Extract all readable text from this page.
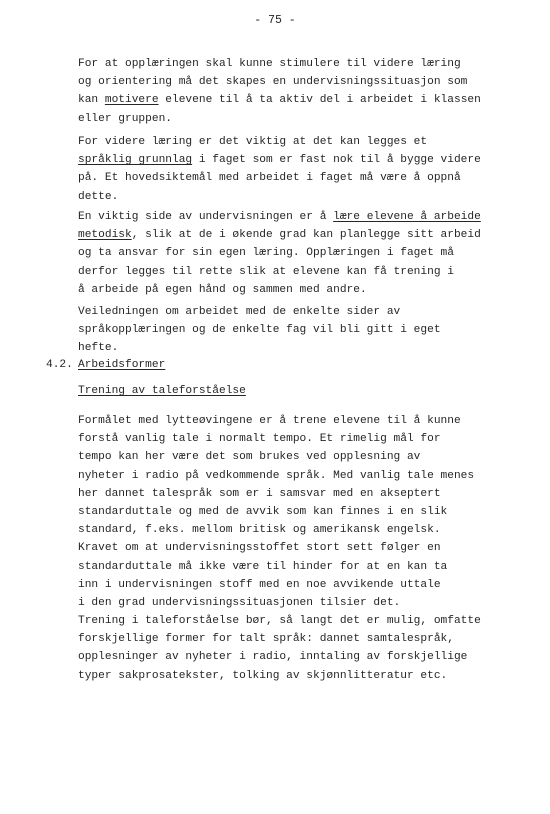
- 75 -
For at opplæringen skal kunne stimulere til videre læring
og orientering må det skapes en undervisningssituasjon som
kan motivere elevene til å ta aktiv del i arbeidet i klassen
eller gruppen.
For videre læring er det viktig at det kan legges et
språklig grunnlag i faget som er fast nok til å bygge videre
på. Et hovedsiktemål med arbeidet i faget må være å oppnå
dette.
En viktig side av undervisningen er å lære elevene å arbeide
metodisk, slik at de i økende grad kan planlegge sitt arbeid
og ta ansvar for sin egen læring. Opplæringen i faget må
derfor legges til rette slik at elevene kan få trening i
å arbeide på egen hånd og sammen med andre.
Veiledningen om arbeidet med de enkelte sider av
språkopplæringen og de enkelte fag vil bli gitt i eget
hefte.
4.2. Arbeidsformer
Trening av taleforståelse
Formålet med lytteøvingene er å trene elevene til å kunne
forstå vanlig tale i normalt tempo. Et rimelig mål for
tempo kan her være det som brukes ved opplesning av
nyheter i radio på vedkommende språk. Med vanlig tale menes
her dannet talespråk som er i samsvar med en akseptert
standarduttale og med de avvik som kan finnes i en slik
standard, f.eks. mellom britisk og amerikansk engelsk.
Kravet om at undervisningsstoffet stort sett følger en
standarduttale må ikke være til hinder for at en kan ta
inn i undervisningen stoff med en noe avvikende uttale
i den grad undervisningssituasjonen tilsier det.
Trening i taleforståelse bør, så langt det er mulig, omfatte
forskjellige former for talt språk: dannet samtalespråk,
opplesninger av nyheter i radio, inntaling av forskjellige
typer sakprosatekster, tolking av skjønnlitteratur etc.
